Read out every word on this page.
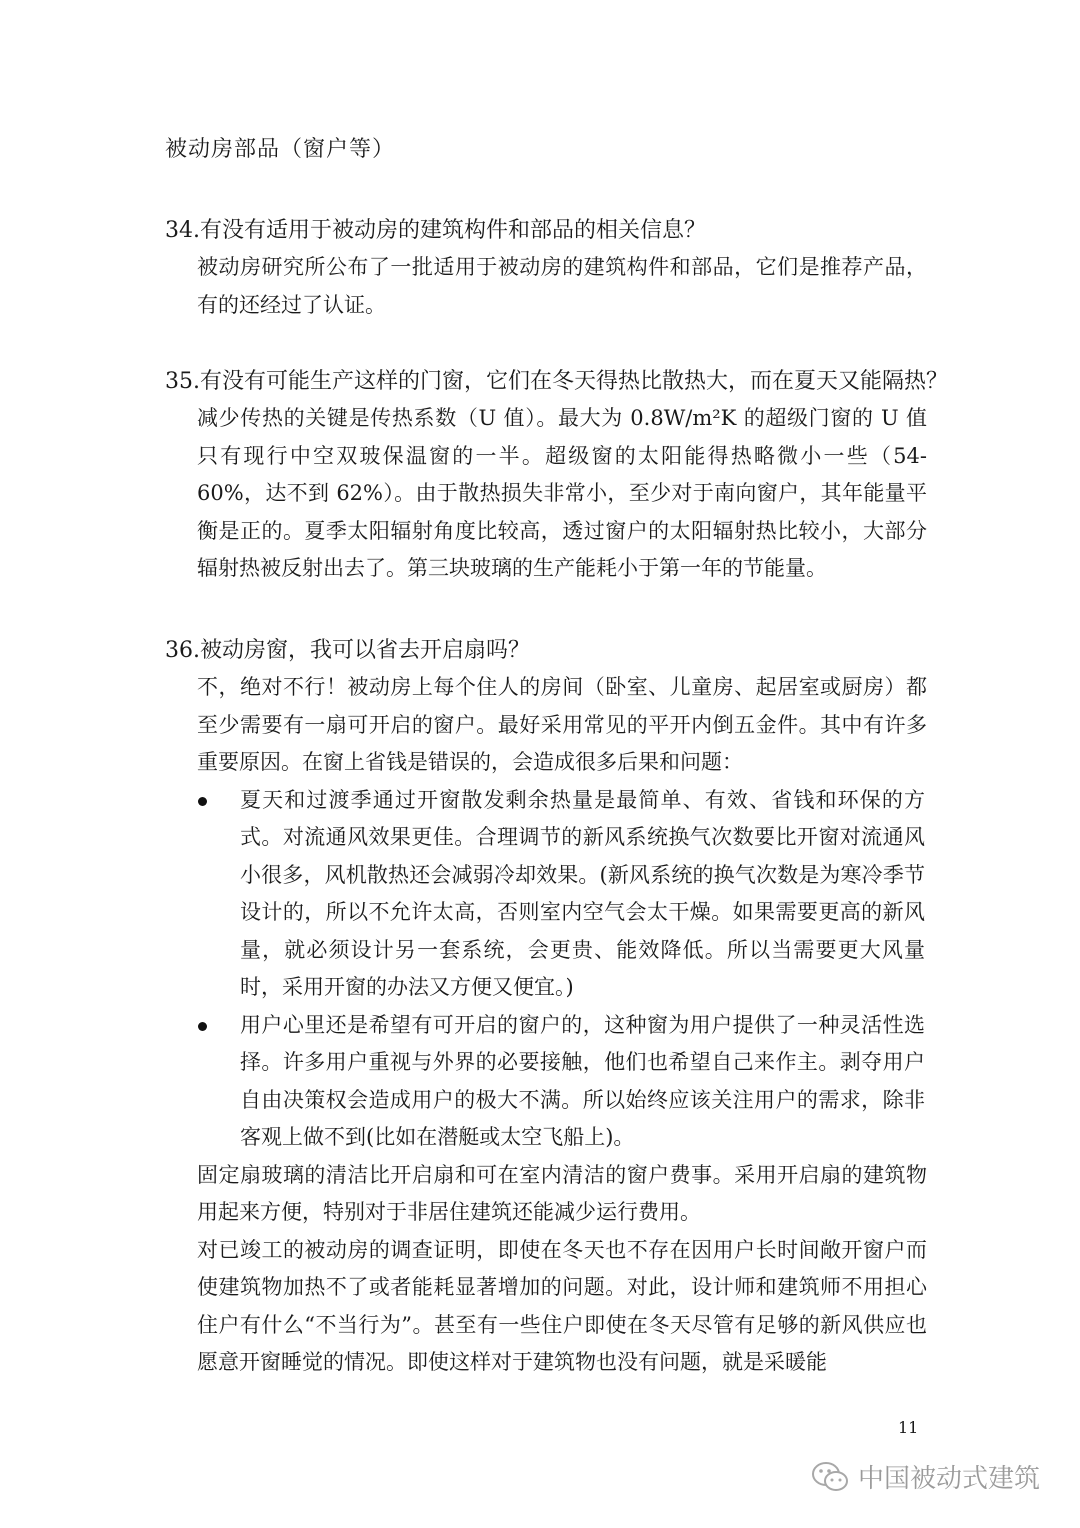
被动房部品（窗户等）
34.有没有适用于被动房的建筑构件和部品的相关信息？

被动房研究所公布了一批适用于被动房的建筑构件和部品，它们是推荐产品，有的还经过了认证。

35.有没有可能生产这样的门窗，它们在冬天得热比散热大，而在夏天又能隔热？

减少传热的关键是传热系数（U 值）。最大为 0.8W/m²K 的超级门窗的 U 值只有现行中空双玻保温窗的一半。超级窗的太阳能得热略微小一些（54-60%，达不到 62%）。由于散热损失非常小，至少对于南向窗户，其年能量平衡是正的。夏季太阳辐射角度比较高，透过窗户的太阳辐射热比较小，大部分辐射热被反射出去了。第三块玻璃的生产能耗小于第一年的节能量。

36.被动房窗，我可以省去开启扇吗？

不，绝对不行！被动房上每个住人的房间（卧室、儿童房、起居室或厨房）都至少需要有一扇可开启的窗户。最好采用常见的平开内倒五金件。其中有许多重要原因。在窗上省钱是错误的，会造成很多后果和问题：

夏天和过渡季通过开窗散发剩余热量是最简单、有效、省钱和环保的方式。对流通风效果更佳。合理调节的新风系统换气次数要比开窗对流通风小很多，风机散热还会减弱冷却效果。(新风系统的换气次数是为寒冷季节设计的，所以不允许太高，否则室内空气会太干燥。如果需要更高的新风量，就必须设计另一套系统，会更贵、能效降低。所以当需要更大风量时，采用开窗的办法又方便又便宜。)
用户心里还是希望有可开启的窗户的，这种窗为用户提供了一种灵活性选择。许多用户重视与外界的必要接触，他们也希望自己来作主。剥夺用户自由决策权会造成用户的极大不满。所以始终应该关注用户的需求，除非客观上做不到(比如在潜艇或太空飞船上)。

固定扇玻璃的清洁比开启扇和可在室内清洁的窗户费事。采用开启扇的建筑物用起来方便，特别对于非居住建筑还能减少运行费用。

对已竣工的被动房的调查证明，即使在冬天也不存在因用户长时间敞开窗户而使建筑物加热不了或者能耗显著增加的问题。对此，设计师和建筑师不用担心住户有什么“不当行为”。甚至有一些住户即使在冬天尽管有足够的新风供应也愿意开窗睡觉的情况。即使这样对于建筑物也没有问题，就是采暖能

11
中国被动式建筑
